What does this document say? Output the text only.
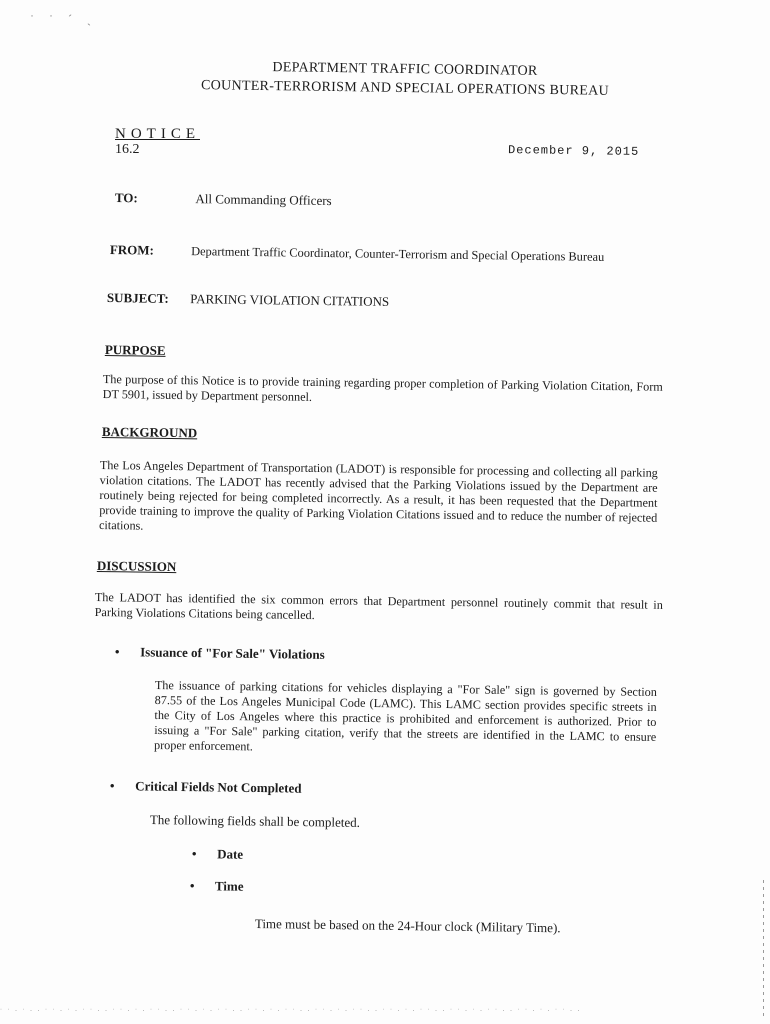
˙ ˙ ˊ ˏ
DEPARTMENT TRAFFIC COORDINATOR
COUNTER-TERRORISM AND SPECIAL OPERATIONS BUREAU
NOTICE
16.2	December 9, 2015
TO:	All Commanding Officers
FROM:	Department Traffic Coordinator, Counter-Terrorism and Special Operations Bureau
SUBJECT: PARKING VIOLATION CITATIONS
PURPOSE
The purpose of this Notice is to provide training regarding proper completion of Parking Violation Citation, Form DT 5901, issued by Department personnel.
BACKGROUND
The Los Angeles Department of Transportation (LADOT) is responsible for processing and collecting all parking violation citations. The LADOT has recently advised that the Parking Violations issued by the Department are routinely being rejected for being completed incorrectly. As a result, it has been requested that the Department provide training to improve the quality of Parking Violation Citations issued and to reduce the number of rejected citations.
DISCUSSION
The LADOT has identified the six common errors that Department personnel routinely commit that result in Parking Violations Citations being cancelled.
• Issuance of "For Sale" Violations
The issuance of parking citations for vehicles displaying a "For Sale" sign is governed by Section 87.55 of the Los Angeles Municipal Code (LAMC). This LAMC section provides specific streets in the City of Los Angeles where this practice is prohibited and enforcement is authorized. Prior to issuing a "For Sale" parking citation, verify that the streets are identified in the LAMC to ensure proper enforcement.
• Critical Fields Not Completed
The following fields shall be completed.
• Date
• Time
Time must be based on the 24-Hour clock (Military Time).
· · ․ · ․ ․ · · ․ · ․ · · ․ ․ · · ․ · ․ · · ․ ․ · · ․ · ․ · · ․ ․ · · ․ · ․ · · ․ ․ · · ․ · ․ · · ․ ․ · · ․ · ․ · · ․ ․ · · ․ · ․ · · ․ ․ · · ․ · ․ · · ․ ․
